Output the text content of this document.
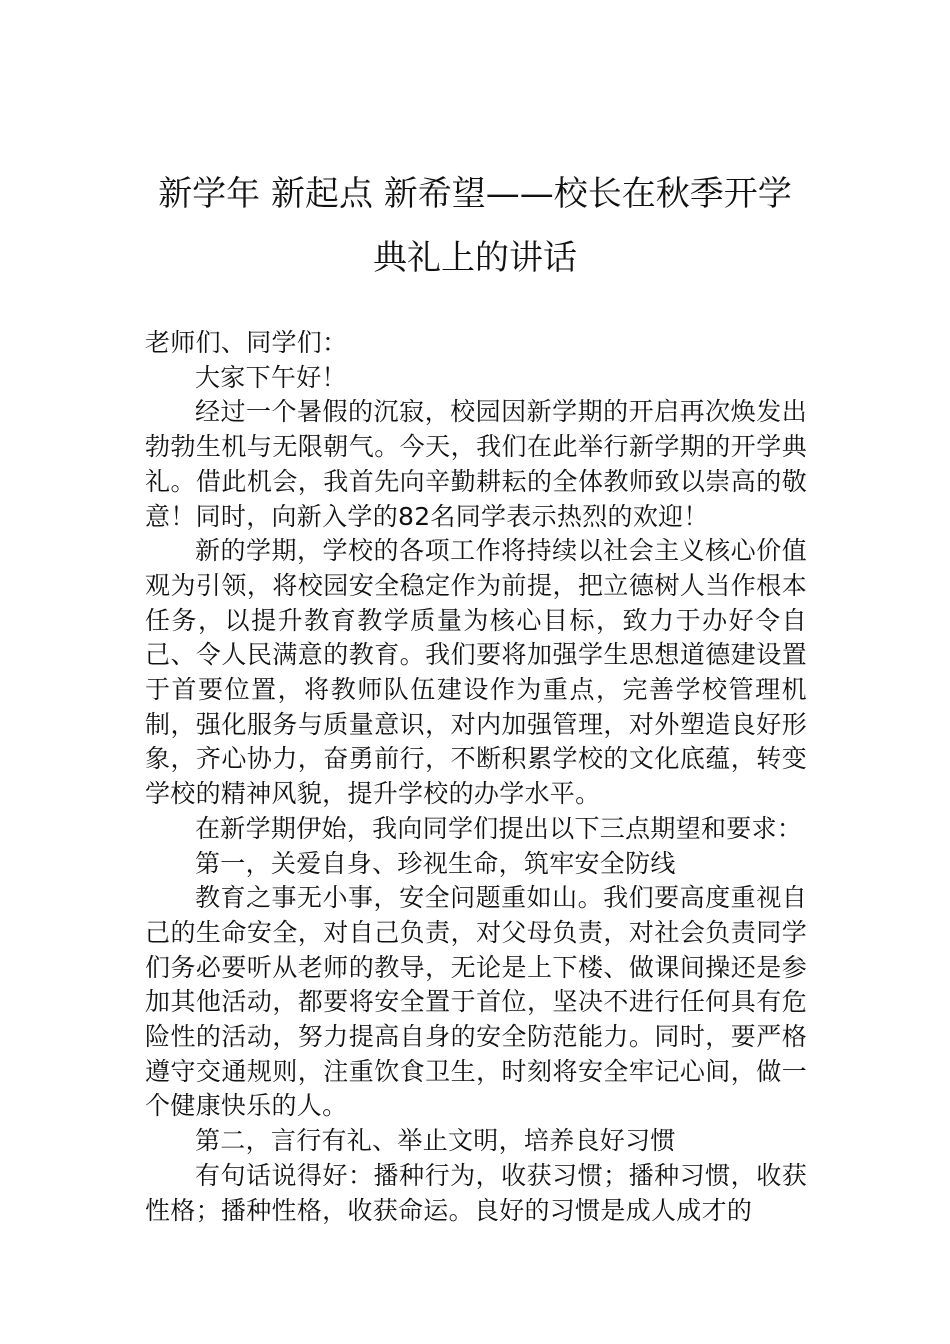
新学年 新起点 新希望——校长在秋季开学
典礼上的讲话

老师们、同学们：

大家下午好！

经过一个暑假的沉寂，校园因新学期的开启再次焕发出勃勃生机与无限朝气。今天，我们在此举行新学期的开学典礼。借此机会，我首先向辛勤耕耘的全体教师致以崇高的敬意！同时，向新入学的82名同学表示热烈的欢迎！

新的学期，学校的各项工作将持续以社会主义核心价值观为引领，将校园安全稳定作为前提，把立德树人当作根本任务，以提升教育教学质量为核心目标，致力于办好令自己、令人民满意的教育。我们要将加强学生思想道德建设置于首要位置，将教师队伍建设作为重点，完善学校管理机制，强化服务与质量意识，对内加强管理，对外塑造良好形象，齐心协力，奋勇前行，不断积累学校的文化底蕴，转变学校的精神风貌，提升学校的办学水平。

在新学期伊始，我向同学们提出以下三点期望和要求：

第一，关爱自身、珍视生命，筑牢安全防线

教育之事无小事，安全问题重如山。我们要高度重视自己的生命安全，对自己负责，对父母负责，对社会负责同学们务必要听从老师的教导，无论是上下楼、做课间操还是参加其他活动，都要将安全置于首位，坚决不进行任何具有危险性的活动，努力提高自身的安全防范能力。同时，要严格遵守交通规则，注重饮食卫生，时刻将安全牢记心间，做一个健康快乐的人。

第二，言行有礼、举止文明，培养良好习惯

有句话说得好：播种行为，收获习惯；播种习惯，收获性格；播种性格，收获命运。良好的习惯是成人成才的
